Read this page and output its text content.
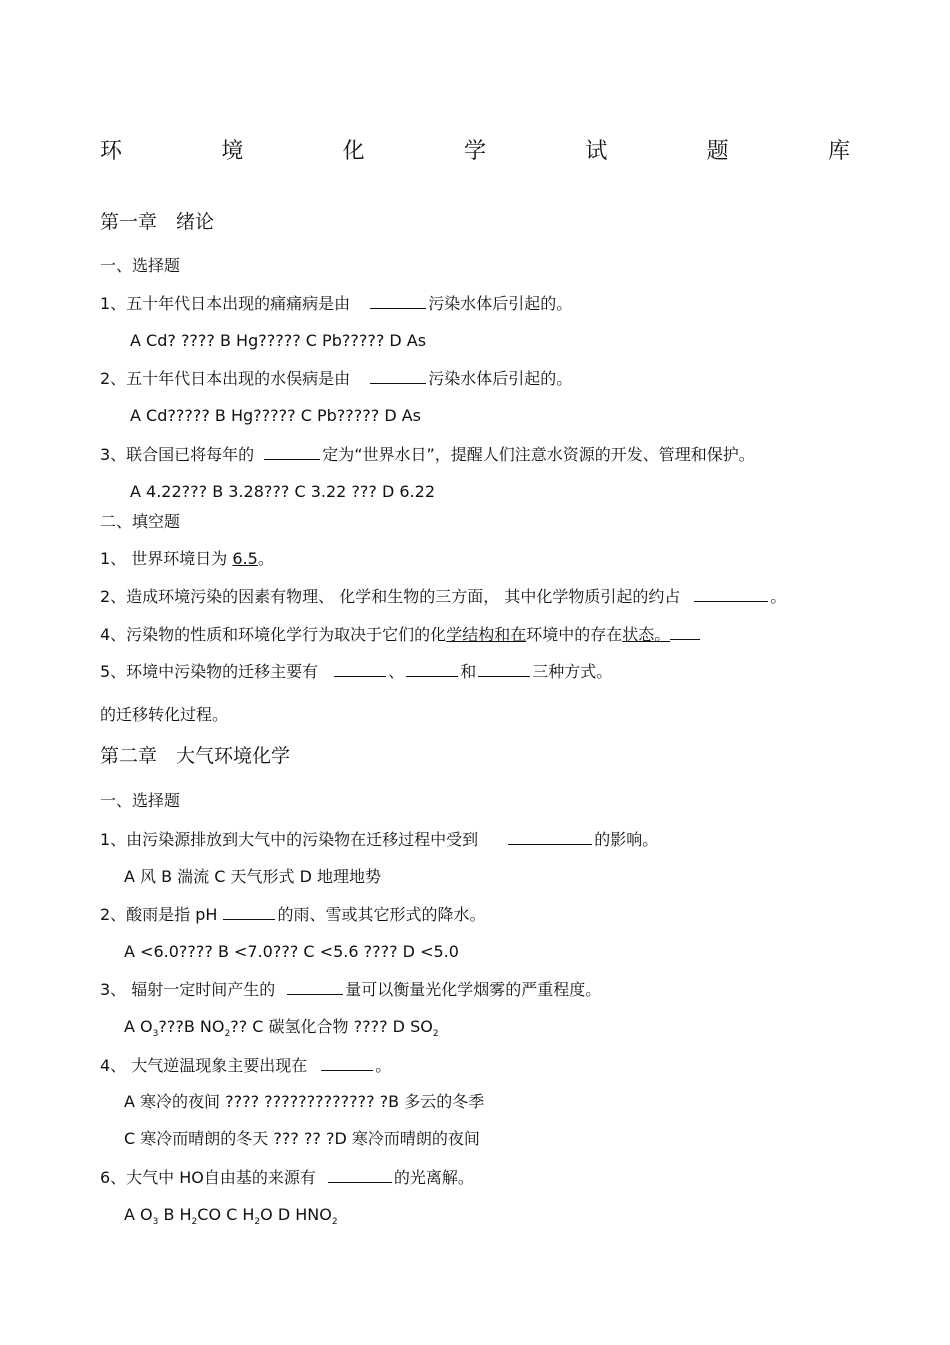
环	境	化	学	试	题	库
第一章　绪论
一、选择题
1、五十年代日本出现的痛痛病是由	污染水体后引起的。
A Cd? ???? B Hg????? C Pb????? D As
2、五十年代日本出现的水俣病是由	污染水体后引起的。
A Cd????? B Hg????? C Pb????? D As
3、联合国已将每年的	定为“世界水日”，提醒人们注意水资源的开发、管理和保护。
A 4.22??? B 3.28??? C 3.22 ??? D 6.22
二、填空题
1、 世界环境日为 6.5。
2、造成环境污染的因素有物理、 化学和生物的三方面， 其中化学物质引起的约占	。
4、污染物的性质和环境化学行为取决于它们的化学结构和在环境中的存在状态。
5、环境中污染物的迁移主要有	、	和	三种方式。
的迁移转化过程。
第二章　大气环境化学
一、选择题
1、由污染源排放到大气中的污染物在迁移过程中受到	的影响。
A 风 B 湍流 C 天气形式 D 地理地势
2、酸雨是指 pH	的雨、雪或其它形式的降水。
A <6.0???? B <7.0??? C <5.6 ???? D <5.0
3、 辐射一定时间产生的	量可以衡量光化学烟雾的严重程度。
A $O_3???B$ $NO_2$?? C 碳氢化合物 ???? D $SO_2$
4、 大气逆温现象主要出现在	。
A 寒冷的夜间 ???? ????????????? ?B 多云的冬季
C 寒冷而晴朗的冬天 ??? ?? ?D 寒冷而晴朗的夜间
6、大气中 HO自由基的来源有	的光离解。
A $O_3$ B $H_2CO$ C $H_2O$ D $HNO_2$
